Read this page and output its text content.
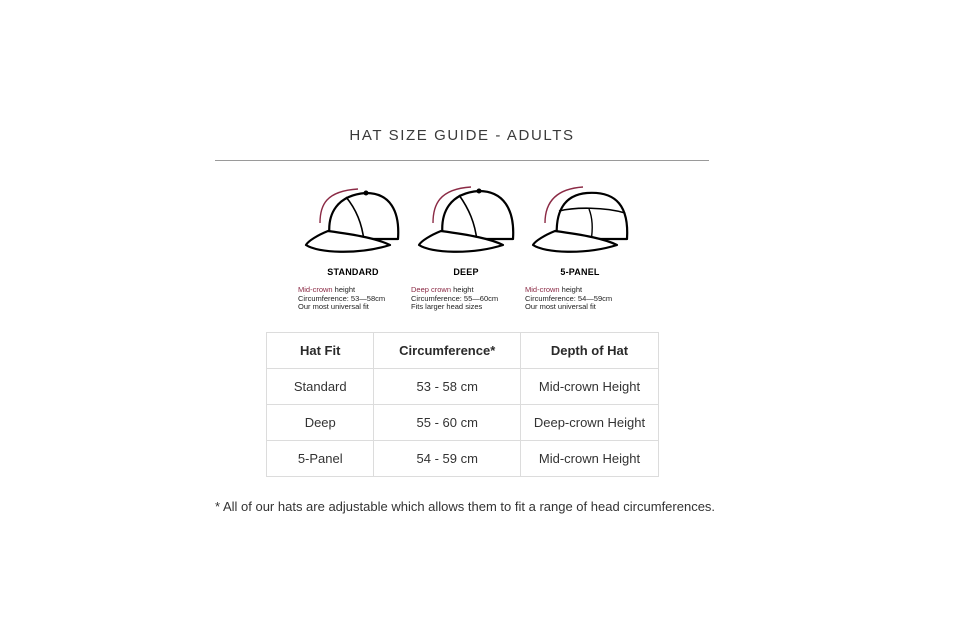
HAT SIZE GUIDE - ADULTS
STANDARD
Mid-crown height
Circumference: 53—58cm
Our most universal fit
DEEP
Deep crown height
Circumference: 55—60cm
Fits larger head sizes
5-PANEL
Mid-crown height
Circumference: 54—59cm
Our most universal fit
Hat Fit	Circumference*	Depth of Hat
Standard	53 - 58 cm	Mid-crown Height
Deep	55 - 60 cm	Deep-crown Height
5-Panel	54 - 59 cm	Mid-crown Height

* All of our hats are adjustable which allows them to fit a range of head circumferences.
